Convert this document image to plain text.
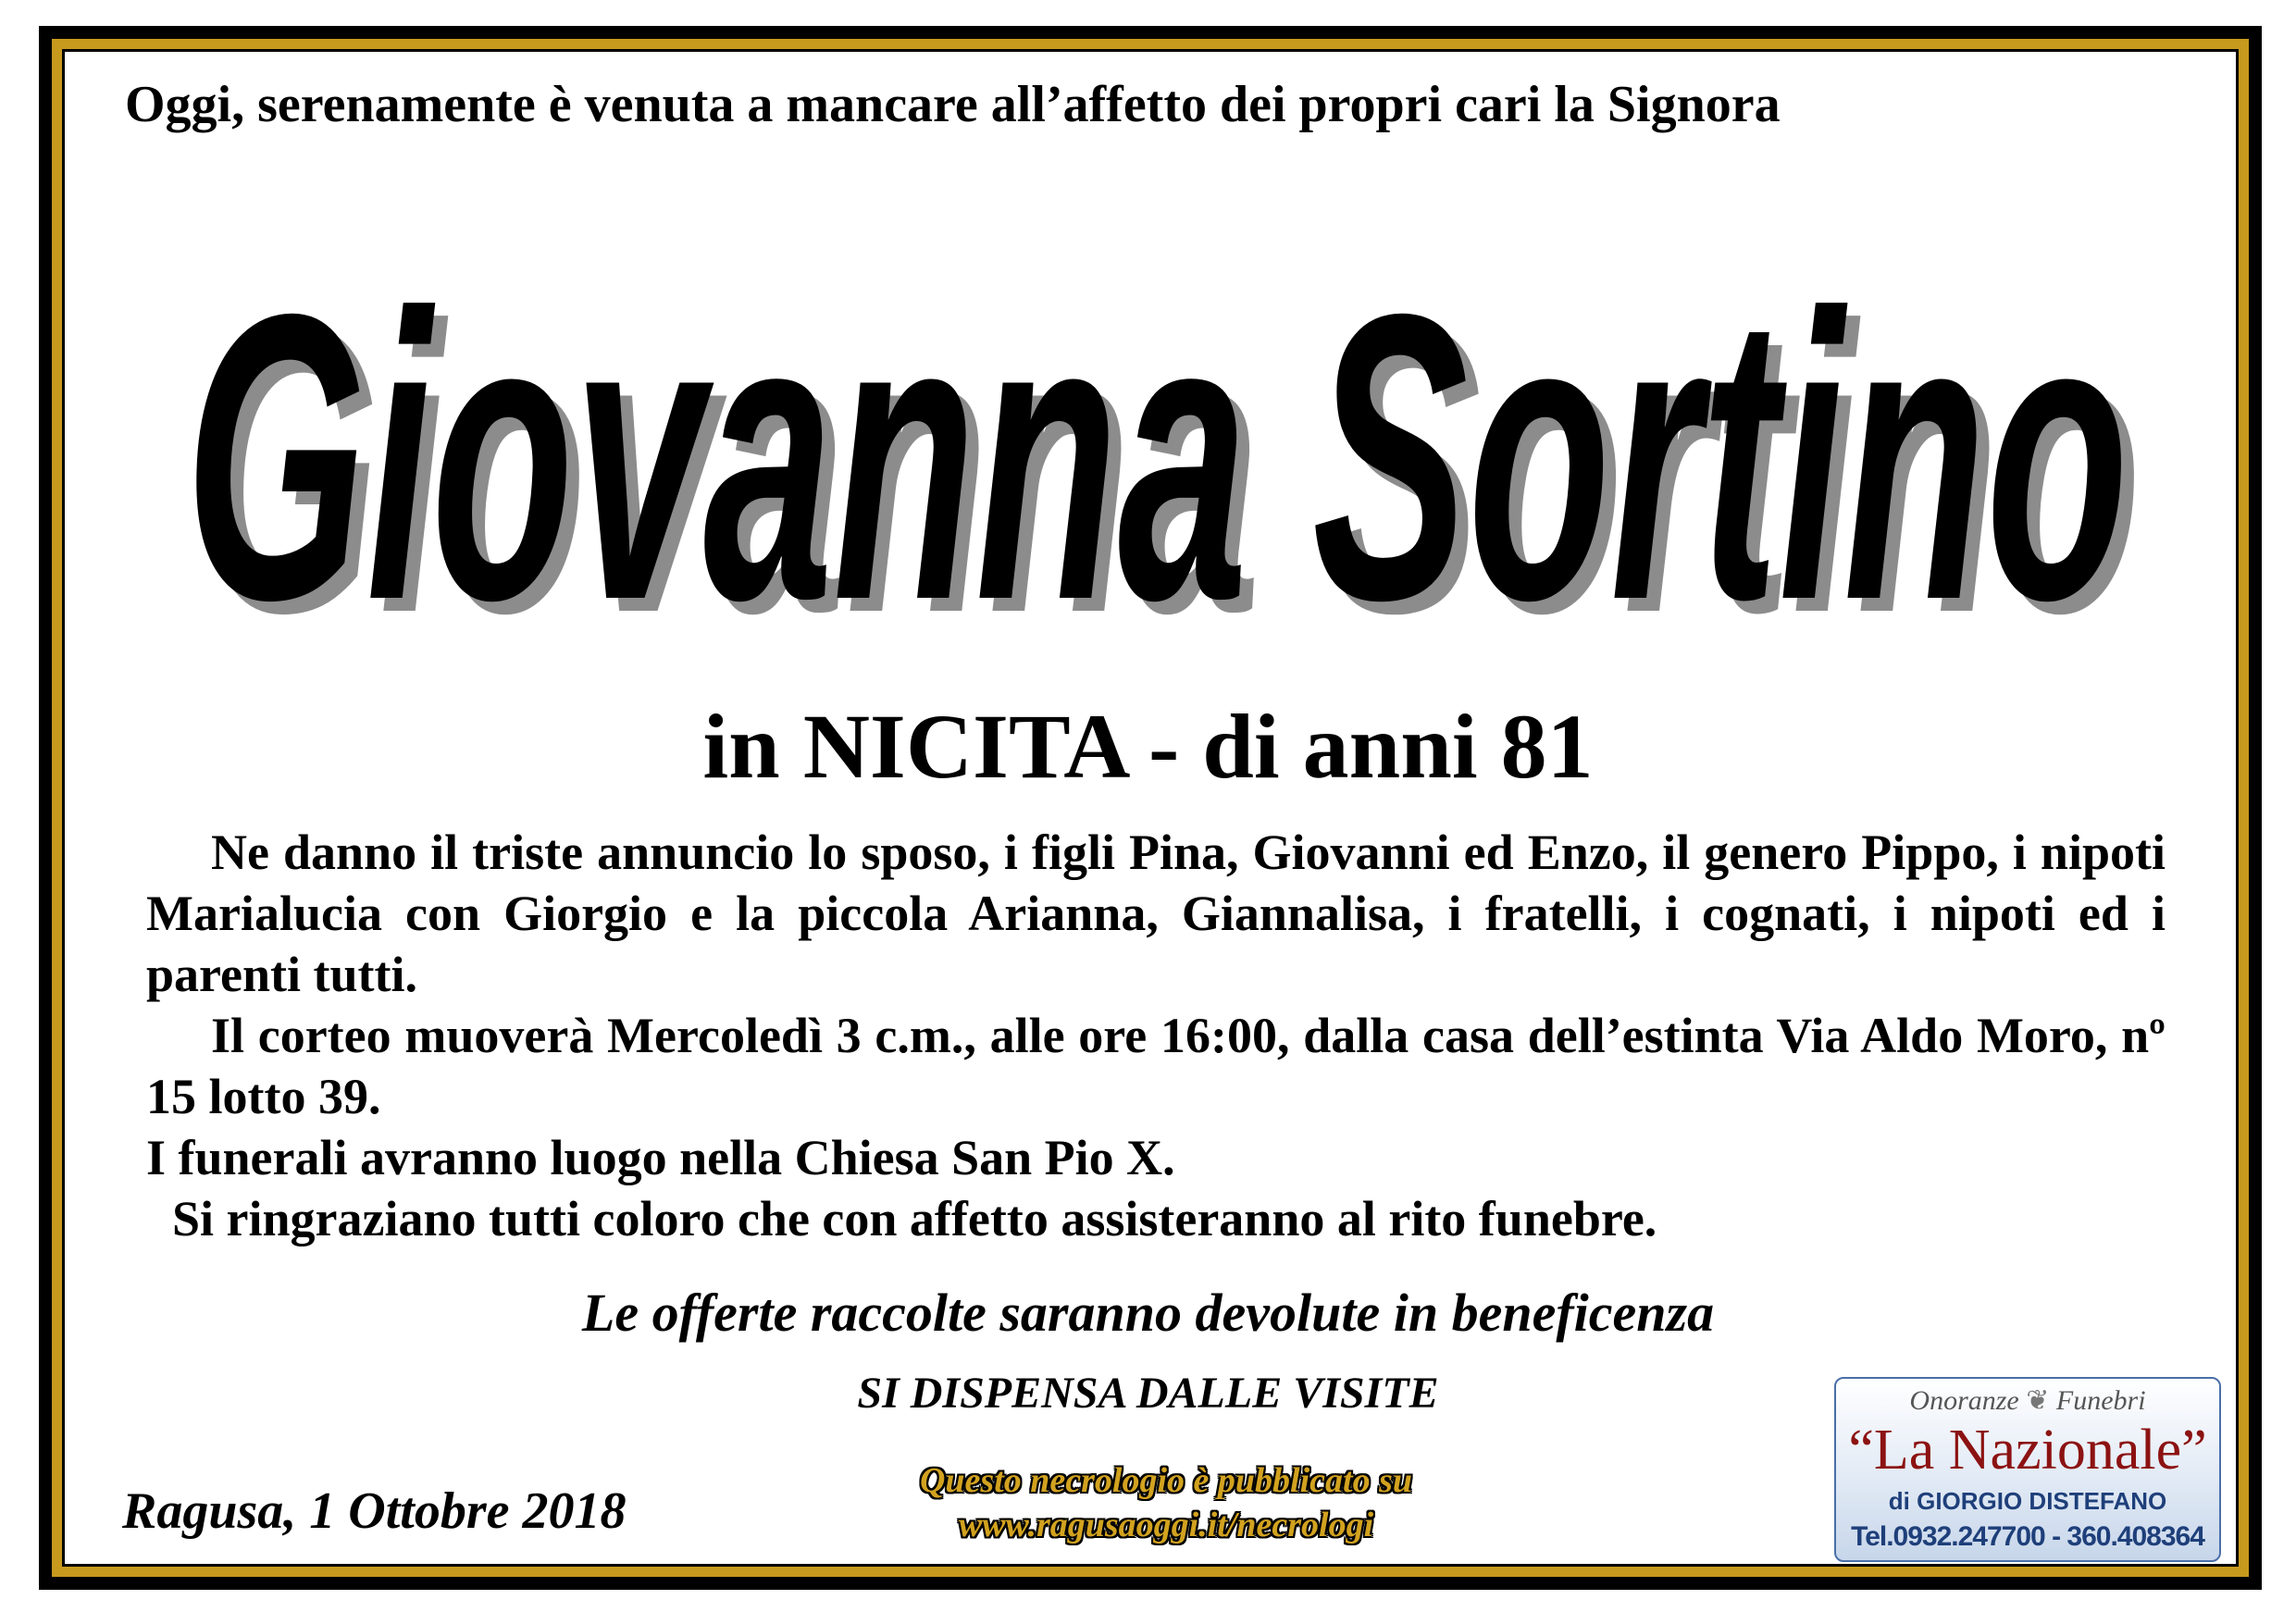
Oggi, serenamente è venuta a mancare all’affetto dei propri cari la Signora
Giovanna Sortino
Giovanna Sortino
in NICITA - di anni 81

Ne danno il triste annuncio lo sposo, i figli Pina, Giovanni ed Enzo, il genero Pippo, i nipoti Marialucia con Giorgio e la piccola Arianna, Giannalisa, i fratelli, i cognati, i nipoti ed i parenti tutti.

Il corteo muoverà Mercoledì 3 c.m., alle ore 16:00, dalla casa dell’estinta Via Aldo Moro, nº 15 lotto 39.

I funerali avranno luogo nella Chiesa San Pio X.

Si ringraziano tutti coloro che con affetto assisteranno al rito funebre.

Le offerte raccolte saranno devolute in beneficenza
SI DISPENSA DALLE VISITE
Ragusa, 1 Ottobre 2018
Questo necrologio è pubblicato su
www.ragusaoggi.it/necrologi
Onoranze ❦ Funebri
“La Nazionale”
di GIORGIO DISTEFANO
Tel.0932.247700 - 360.408364
